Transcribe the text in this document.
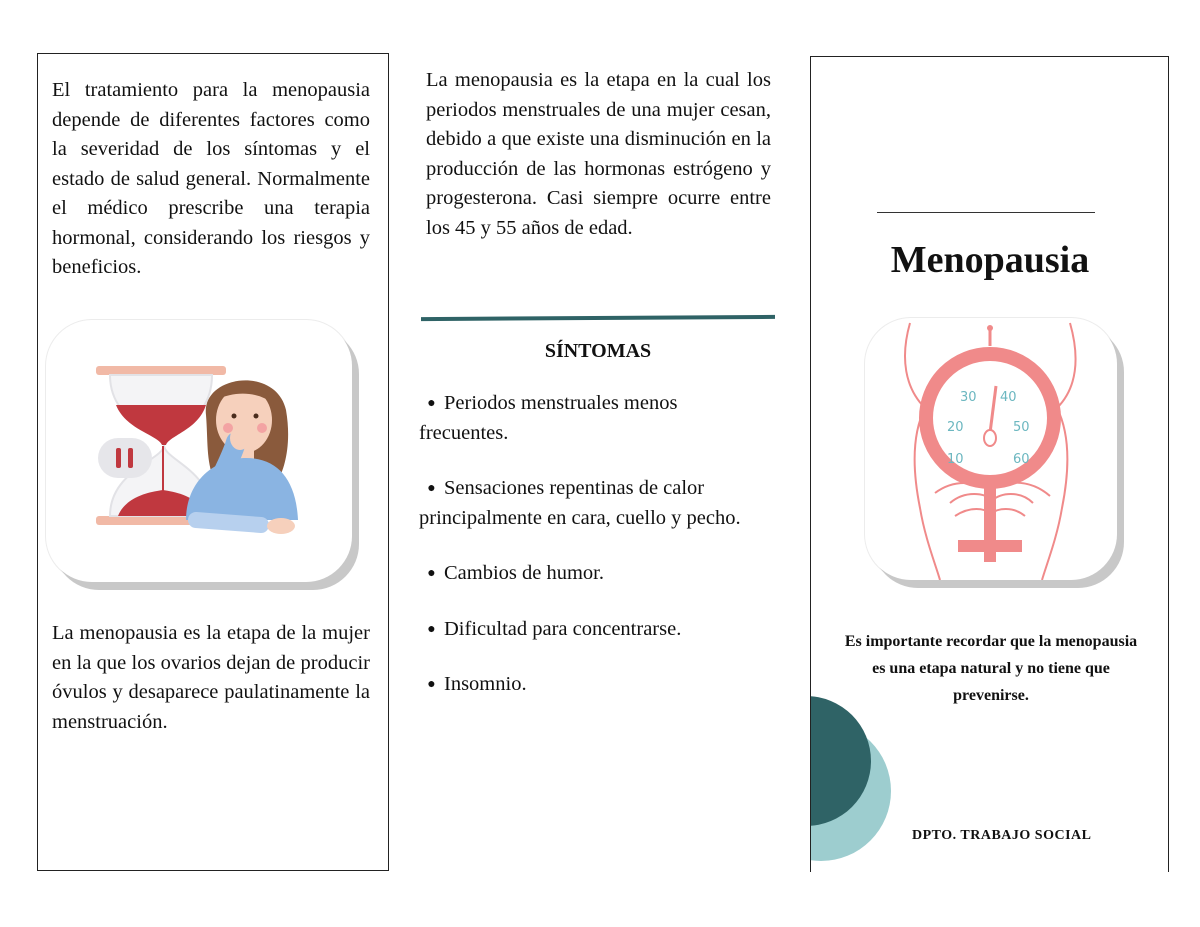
El tratamiento para la menopausia depende de diferentes factores como la severidad de los síntomas y el estado de salud general. Normalmente el médico prescribe una terapia hormonal, considerando los riesgos y beneficios.

La menopausia es la etapa de la mujer en la que los ovarios dejan de producir óvulos y desaparece paulatinamente la menstruación.

La menopausia es la etapa en la cual los periodos menstruales de una mujer cesan, debido a que existe una disminución en la producción de las hormonas estrógeno y progesterona. Casi siempre ocurre entre los 45 y 55 años de edad.

SÍNTOMAS

● Periodos menstruales menos frecuentes.
● Sensaciones repentinas de calor principalmente en cara, cuello y pecho.
● Cambios de humor.
● Dificultad para concentrarse.
● Insomnio.
Menopausia
10
20
30 40
50
60

Es importante recordar que la menopausia es una etapa natural y no tiene que prevenirse.

DPTO. TRABAJO SOCIAL
